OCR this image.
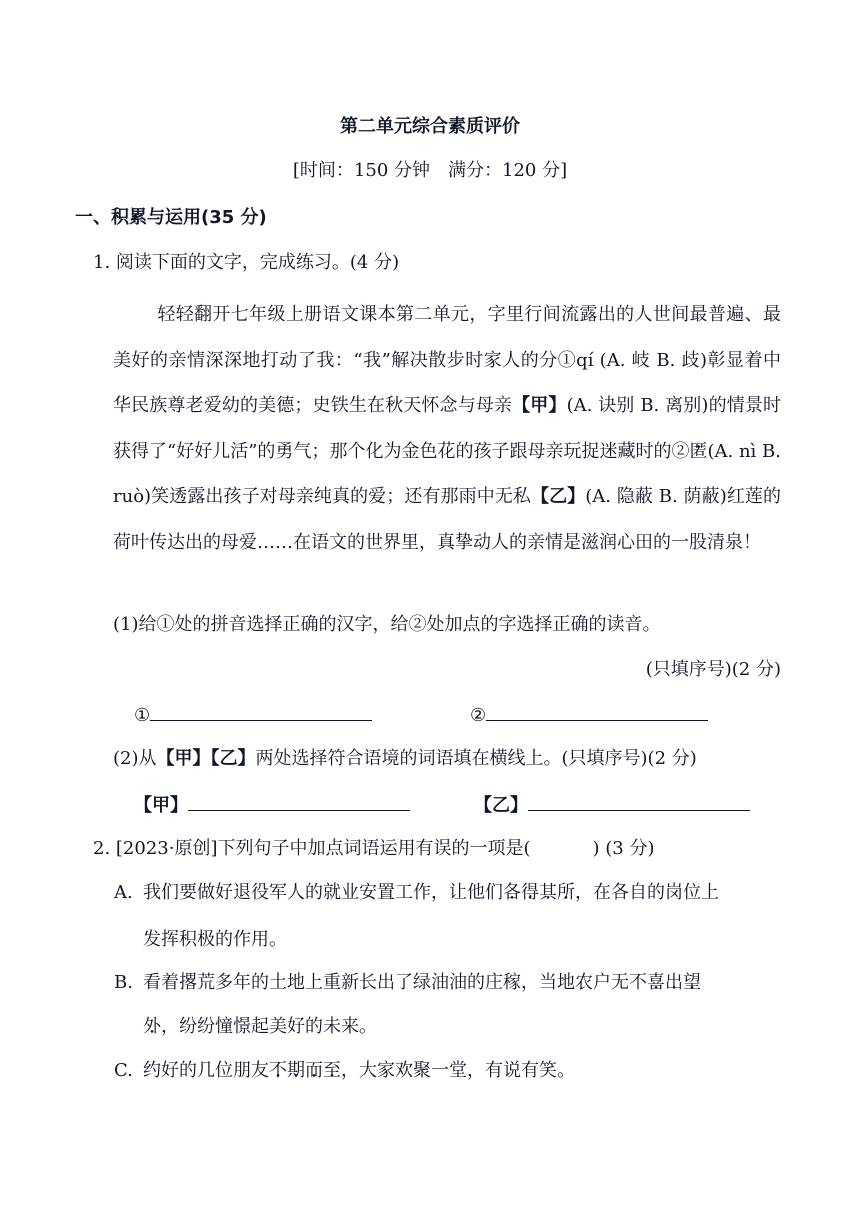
第二单元综合素质评价
[时间：150 分钟　满分：120 分]
一、积累与运用(35 分)
1. 阅读下面的文字，完成练习。(4 分)
轻轻翻开七年级上册语文课本第二单元，字里行间流露出的人世间最普遍、最美好的亲情深深地打动了我：“我”解决散步时家人的分①qí (A. 岐 B. 歧)彰显着中华民族尊老爱幼的美德；史铁生在秋天怀念与母亲【甲】(A. 诀别 B. 离别)的情景时获得了“好好儿活”的勇气；那个化为金色花的孩子跟母亲玩捉迷藏时的②匿 •(A. nì B. ruò)笑透露出孩子对母亲纯真的爱；还有那雨中无私【乙】(A. 隐蔽 B. 荫蔽)红莲的荷叶传达出的母爱……在语文的世界里，真挚动人的亲情是滋润心田的一股清泉！
(1)给①处的拼音选择正确的汉字，给②处加点的字选择正确的读音。
(只填序号)(2 分)
①	②
(2)从【甲】【乙】两处选择符合语境的词语填在横线上。(只填序号)(2 分)
【甲】	【乙】
2. [2023·原创]下列句子中加点词语运用有误的一项是(	) (3 分)
A. 我们要做好退役军人的就业安置工作，让他们各 •得 •其 •所 •，在各自的岗位上
发挥积极的作用。
B. 看着撂荒多年的土地上重新长出了绿油油的庄稼，当地农户无不喜 •出 •望 •
外 •，纷纷憧憬起美好的未来。
C. 约好的几位朋友不 •期 •而 •至 •，大家欢聚一堂，有说有笑。
